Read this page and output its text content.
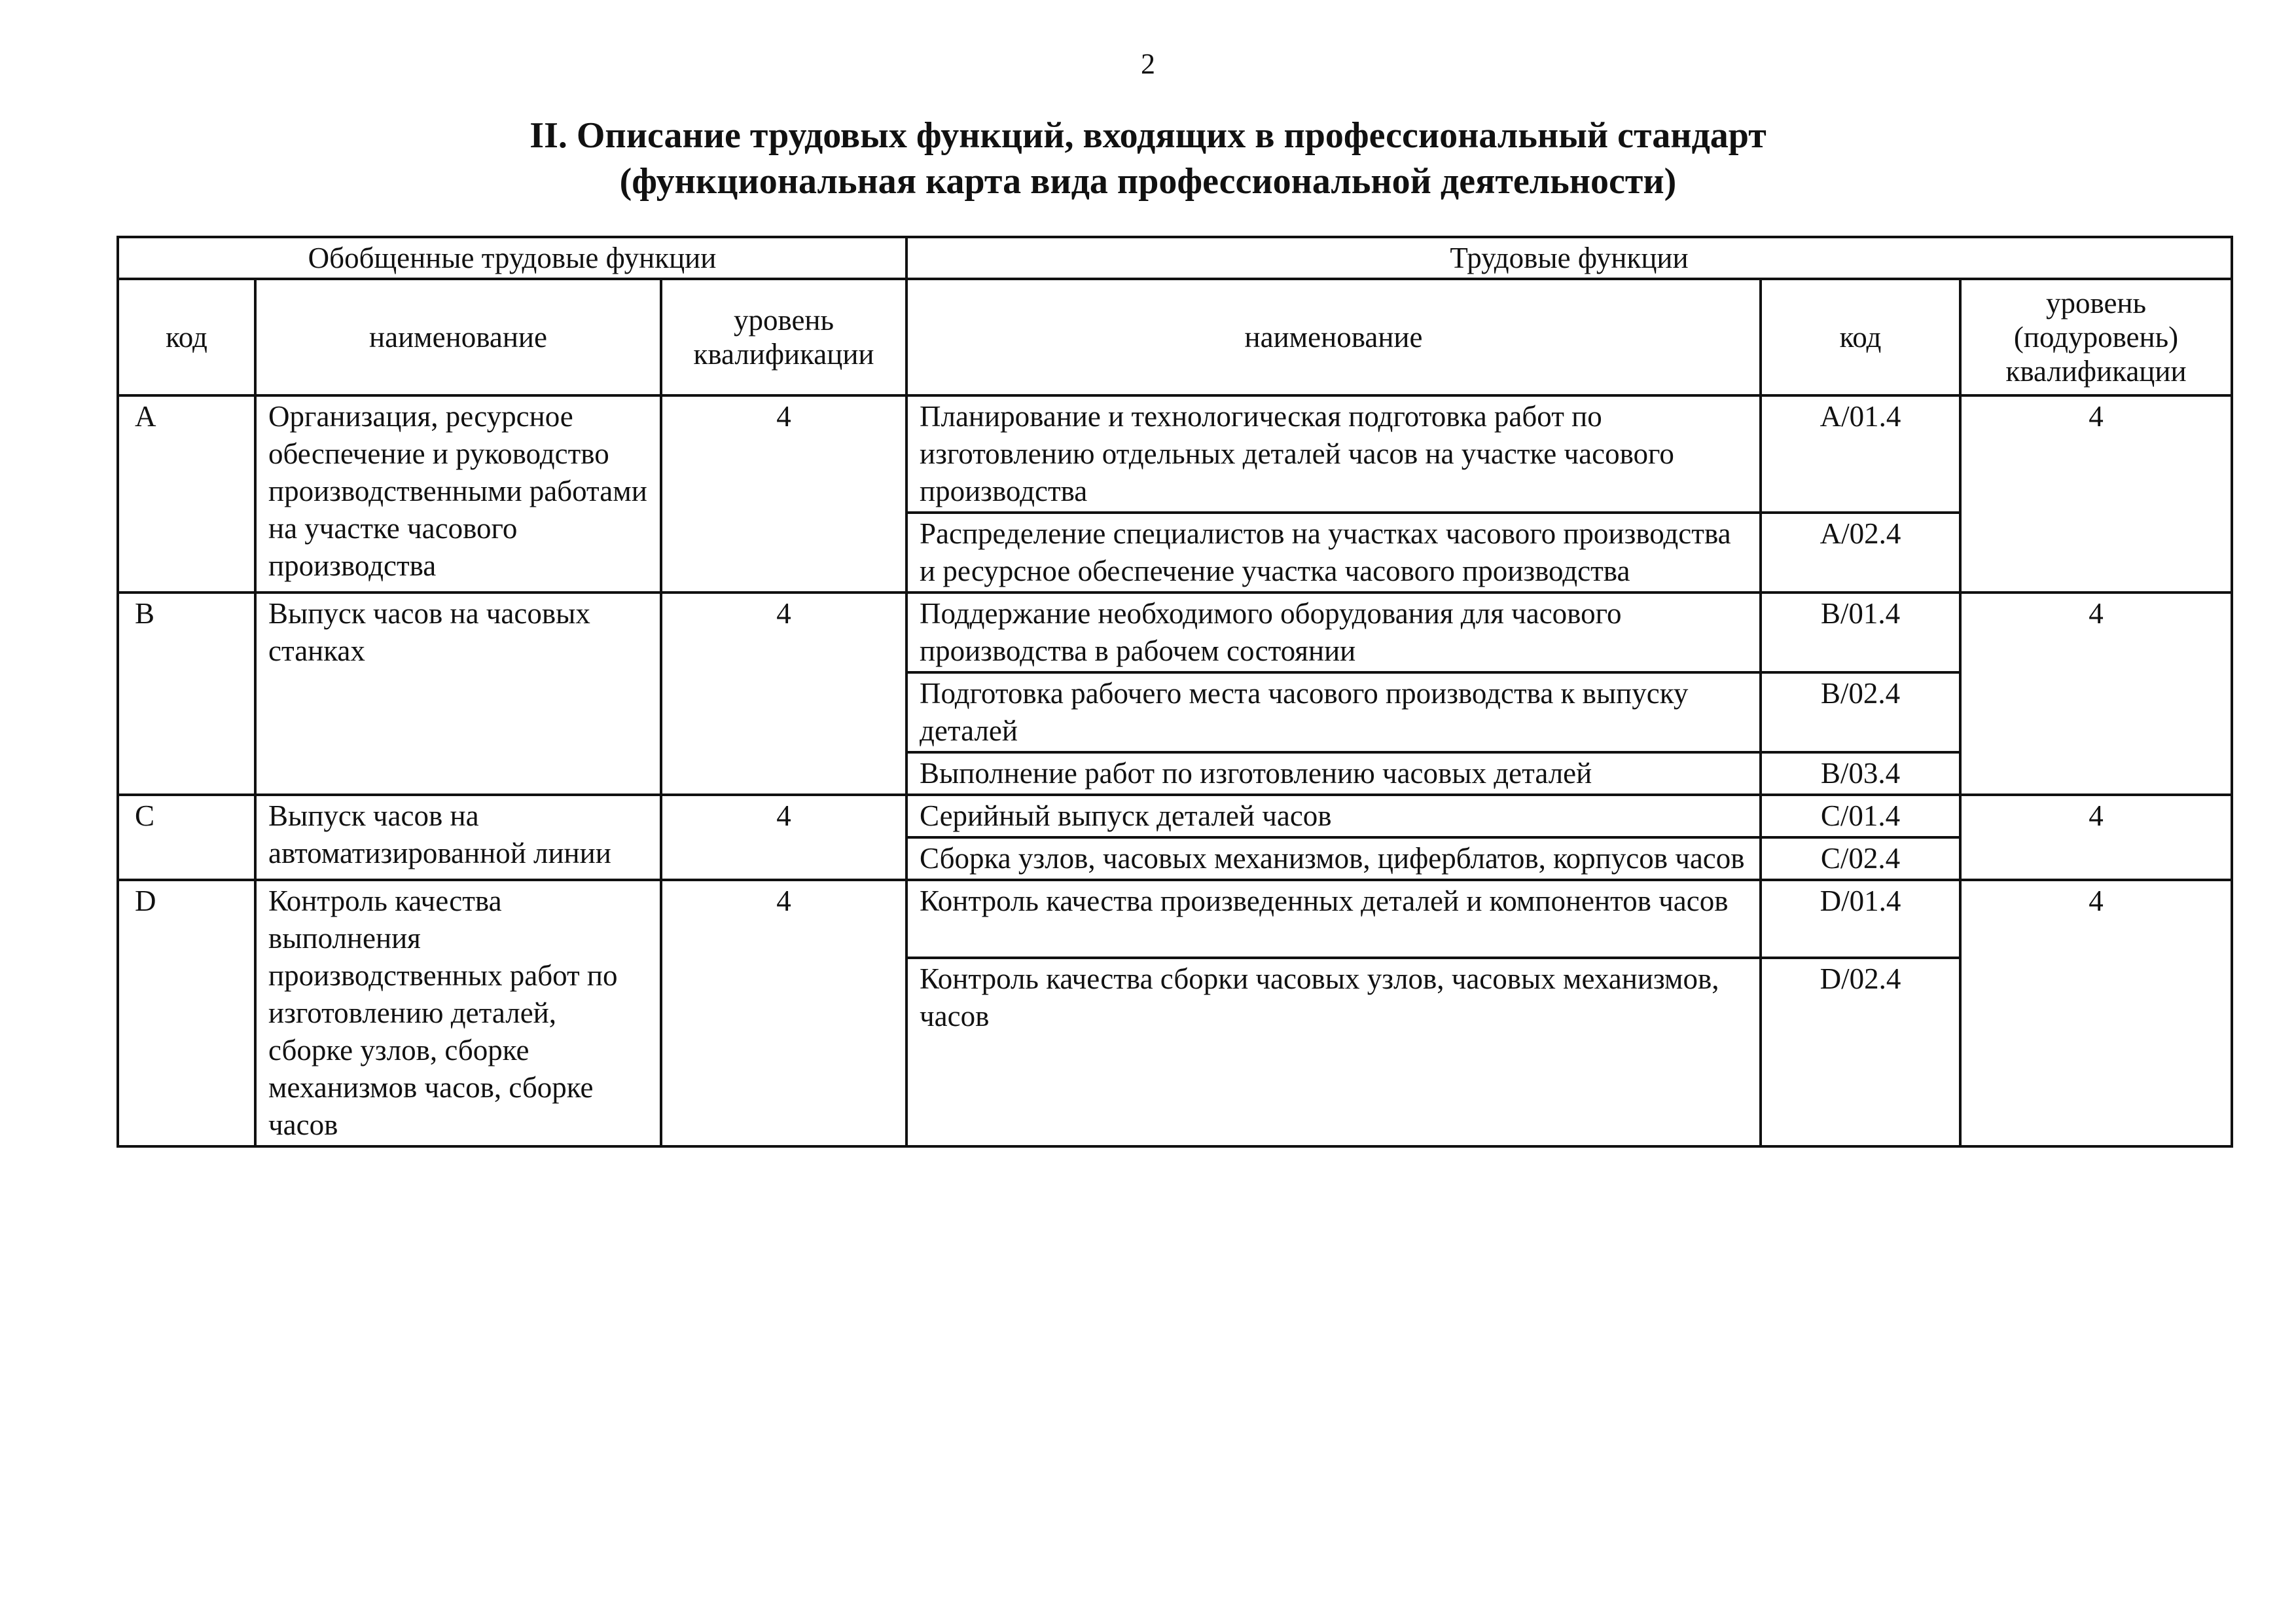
2
II. Описание трудовых функций, входящих в профессиональный стандарт
(функциональная карта вида профессиональной деятельности)
Обобщенные трудовые функции			Трудовые функции		
код	наименование	уровень квалификации	наименование	код	уровень (подуровень) квалификации
A	Организация, ресурсное обеспечение и руководство производственными работами на участке часового производства	4	Планирование и технологическая подготовка работ по изготовлению отдельных деталей часов на участке часового производства	A/01.4	4
			Распределение специалистов на участках часового производства и ресурсное обеспечение участка часового производства	A/02.4	
B	Выпуск часов на часовых станках	4	Поддержание необходимого оборудования для часового производства в рабочем состоянии	B/01.4	4
			Подготовка рабочего места часового производства к выпуску деталей	B/02.4	
			Выполнение работ по изготовлению часовых деталей	B/03.4	
C	Выпуск часов на автоматизированной линии	4	Серийный выпуск деталей часов	C/01.4	4
			Сборка узлов, часовых механизмов, циферблатов, корпусов часов	C/02.4	
D	Контроль качества выполнения производственных работ по изготовлению деталей, сборке узлов, сборке механизмов часов, сборке часов	4	Контроль качества произведенных деталей и компонентов часов	D/01.4	4
			Контроль качества сборки часовых узлов, часовых механизмов, часов	D/02.4	
